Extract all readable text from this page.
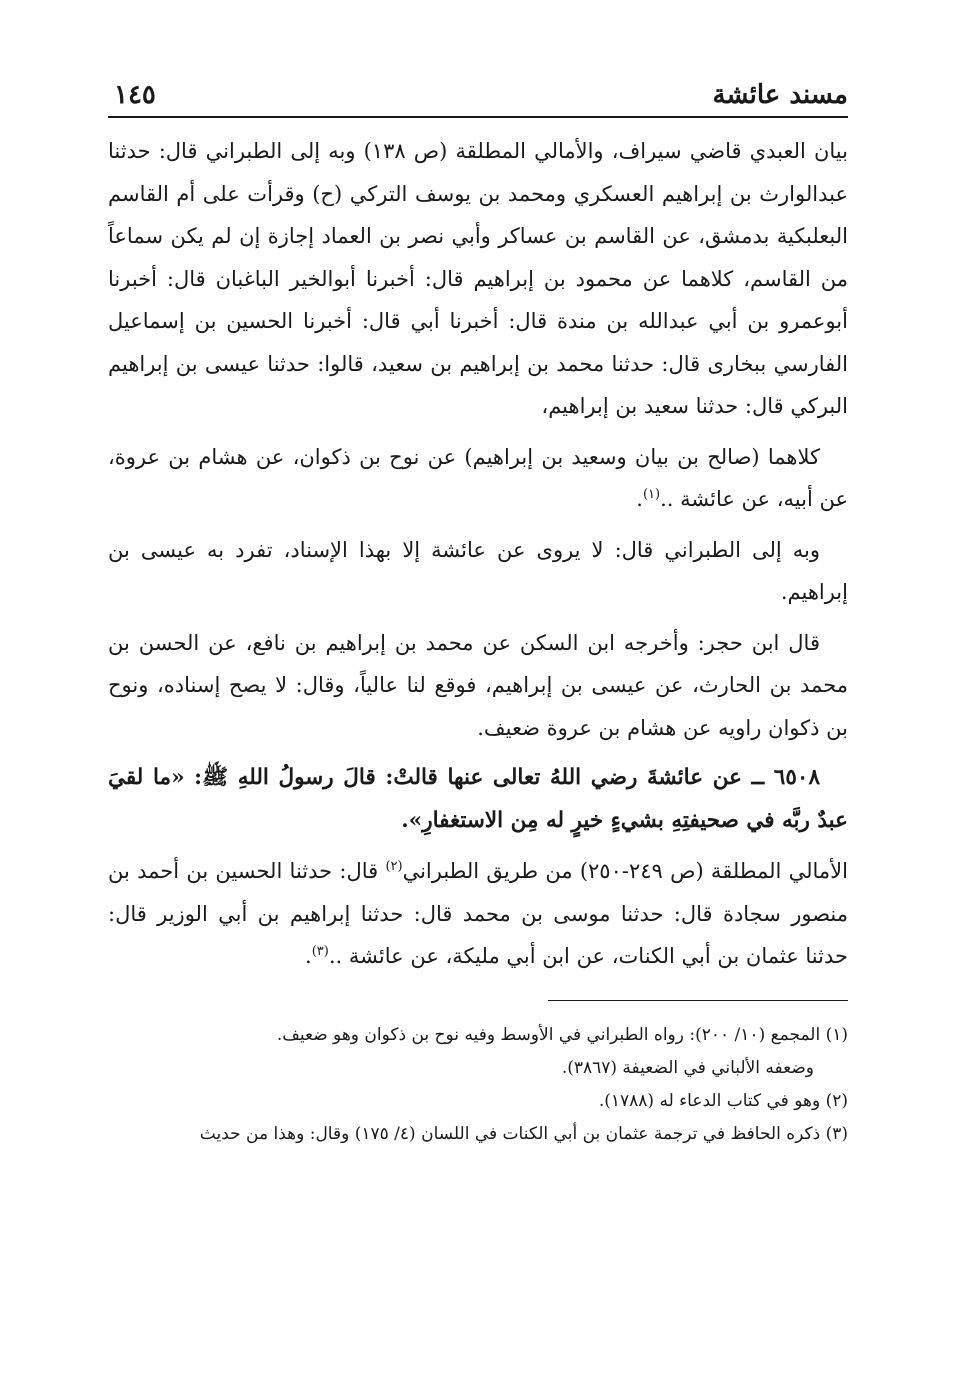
مسند عائشة
١٤٥

بيان العبدي قاضي سيراف، والأمالي المطلقة (ص ١٣٨) وبه إلى الطبراني قال: حدثنا عبدالوارث بن إبراهيم العسكري ومحمد بن يوسف التركي (ح) وقرأت على أم القاسم البعلبكية بدمشق، عن القاسم بن عساكر وأبي نصر بن العماد إجازة إن لم يكن سماعاً من القاسم، كلاهما عن محمود بن إبراهيم قال: أخبرنا أبوالخير الباغبان قال: أخبرنا أبوعمرو بن أبي عبدالله بن مندة قال: أخبرنا أبي قال: أخبرنا الحسين بن إسماعيل الفارسي ببخارى قال: حدثنا محمد بن إبراهيم بن سعيد، قالوا: حدثنا عيسى بن إبراهيم البركي قال: حدثنا سعيد بن إبراهيم،

كلاهما (صالح بن بيان وسعيد بن إبراهيم) عن نوح بن ذكوان، عن هشام بن عروة، عن أبيه، عن عائشة ..$^{(١)}$.

وبه إلى الطبراني قال: لا يروى عن عائشة إلا بهذا الإسناد، تفرد به عيسى بن إبراهيم.

قال ابن حجر: وأخرجه ابن السكن عن محمد بن إبراهيم بن نافع، عن الحسن بن محمد بن الحارث، عن عيسى بن إبراهيم، فوقع لنا عالياً، وقال: لا يصح إسناده، ونوح بن ذكوان راويه عن هشام بن عروة ضعيف.

٦٥٠٨ ــ عن عائشةَ رضي اللهُ تعالى عنها قالتْ: قالَ رسولُ اللهِ ﷺ: «ما لقيَ عبدٌ ربَّه في صحيفتِهِ بشيءٍ خيرٍ له مِن الاستغفارِ».

الأمالي المطلقة (ص ٢٤٩-٢٥٠) من طريق الطبراني$^{(٢)}$ قال: حدثنا الحسين بن أحمد بن منصور سجادة قال: حدثنا موسى بن محمد قال: حدثنا إبراهيم بن أبي الوزير قال: حدثنا عثمان بن أبي الكنات، عن ابن أبي مليكة، عن عائشة ..$^{(٣)}$.

(١) المجمع (١٠/ ٢٠٠): رواه الطبراني في الأوسط وفيه نوح بن ذكوان وهو ضعيف.

وضعفه الألباني في الضعيفة (٣٨٦٧).

(٢) وهو في كتاب الدعاء له (١٧٨٨).

(٣) ذكره الحافظ في ترجمة عثمان بن أبي الكنات في اللسان (٤/ ١٧٥) وقال: وهذا من حديث
